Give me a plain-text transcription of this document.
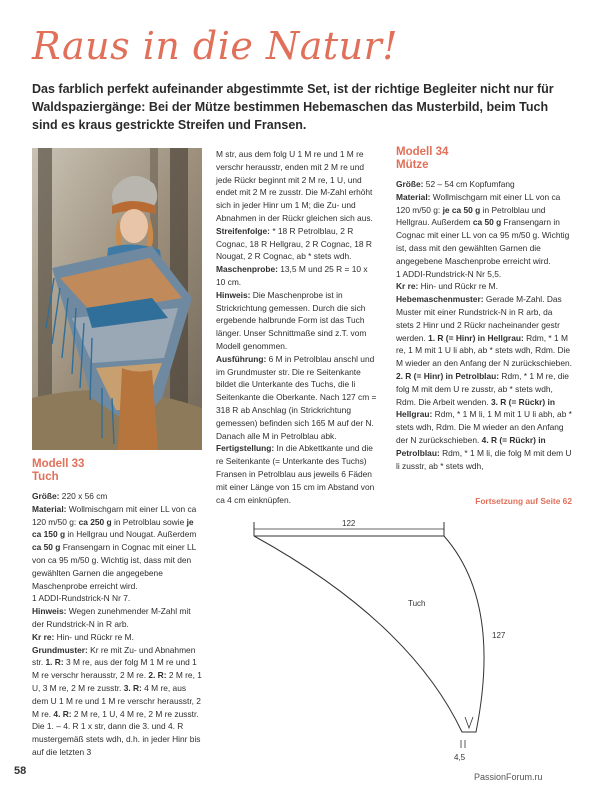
Raus in die Natur!
Das farblich perfekt aufeinander abgestimmte Set, ist der richtige Begleiter nicht nur für Waldspaziergänge: Bei der Mütze bestimmen Hebemaschen das Musterbild, beim Tuch sind es kraus gestrickte Streifen und Fransen.
Modell 33
Tuch
Größe: 220 x 56 cm
Material: Wollmischgarn mit einer LL von ca 120 m/50 g: ca 250 g in Petrolblau sowie je ca 150 g in Hellgrau und Nougat. Außerdem ca 50 g Fransengarn in Cognac mit einer LL von ca 95 m/50 g. Wichtig ist, dass mit den gewählten Garnen die angegebene Maschenprobe erreicht wird.
1 ADDI-Rundstrick-N Nr 7.
Hinweis: Wegen zunehmender M-Zahl mit der Rundstrick-N in R arb.
Kr re: Hin- und Rückr re M.
Grundmuster: Kr re mit Zu- und Abnahmen str. 1. R: 3 M re, aus der folg M 1 M re und 1 M re verschr herausstr, 2 M re. 2. R: 2 M re, 1 U, 3 M re, 2 M re zusstr. 3. R: 4 M re, aus dem U 1 M re und 1 M re verschr herausstr, 2 M re. 4. R: 2 M re, 1 U, 4 M re, 2 M re zusstr. Die 1. – 4. R 1 x str, dann die 3. und 4. R mustergemäß stets wdh, d.h. in jeder Hinr bis auf die letzten 3
M str, aus dem folg U 1 M re und 1 M re verschr herausstr, enden mit 2 M re und jede Rückr beginnt mit 2 M re, 1 U, und endet mit 2 M re zusstr. Die M-Zahl erhöht sich in jeder Hinr um 1 M; die Zu- und Abnahmen in der Rückr gleichen sich aus.
Streifenfolge: * 18 R Petrolblau, 2 R Cognac, 18 R Hellgrau, 2 R Cognac, 18 R Nougat, 2 R Cognac, ab * stets wdh.
Maschenprobe: 13,5 M und 25 R = 10 x 10 cm.
Hinweis: Die Maschenprobe ist in Strickrichtung gemessen. Durch die sich ergebende halbrunde Form ist das Tuch länger. Unser Schnittmaße sind z.T. vom Modell genommen.
Ausführung: 6 M in Petrolblau anschl und im Grundmuster str. Die re Seitenkante bildet die Unterkante des Tuchs, die li Seitenkante die Oberkante. Nach 127 cm = 318 R ab Anschlag (in Strickrichtung gemessen) befinden sich 165 M auf der N. Danach alle M in Petrolblau abk.
Fertigstellung: In die Abkettkante und die re Seitenkante (= Unterkante des Tuchs) Fransen in Petrolblau aus jeweils 6 Fäden mit einer Länge von 15 cm im Abstand von ca 4 cm einknüpfen.
Modell 34
Mütze
Größe: 52 – 54 cm Kopfumfang
Material: Wollmischgarn mit einer LL von ca 120 m/50 g: je ca 50 g in Petrolblau und Hellgrau. Außerdem ca 50 g Fransengarn in Cognac mit einer LL von ca 95 m/50 g. Wichtig ist, dass mit den gewählten Garnen die angegebene Maschenprobe erreicht wird.
1 ADDI-Rundstrick-N Nr 5,5.
Kr re: Hin- und Rückr re M.
Hebemaschenmuster: Gerade M-Zahl. Das Muster mit einer Rundstrick-N in R arb, da stets 2 Hinr und 2 Rückr nacheinander gestr werden. 1. R (= Hinr) in Hellgrau: Rdm, * 1 M re, 1 M mit 1 U li abh, ab * stets wdh, Rdm. Die M wieder an den Anfang der N zurückschieben. 2. R (= Hinr) in Petrolblau: Rdm, * 1 M re, die folg M mit dem U re zusstr, ab * stets wdh, Rdm. Die Arbeit wenden. 3. R (= Rückr) in Hellgrau: Rdm, * 1 M li, 1 M mit 1 U li abh, ab * stets wdh, Rdm. Die M wieder an den Anfang der N zurückschieben. 4. R (= Rückr) in Petrolblau: Rdm, * 1 M li, die folg M mit dem U li zusstr, ab * stets wdh,
Fortsetzung auf Seite 62
122
Tuch
127
4,5
58	PassionForum.ru
